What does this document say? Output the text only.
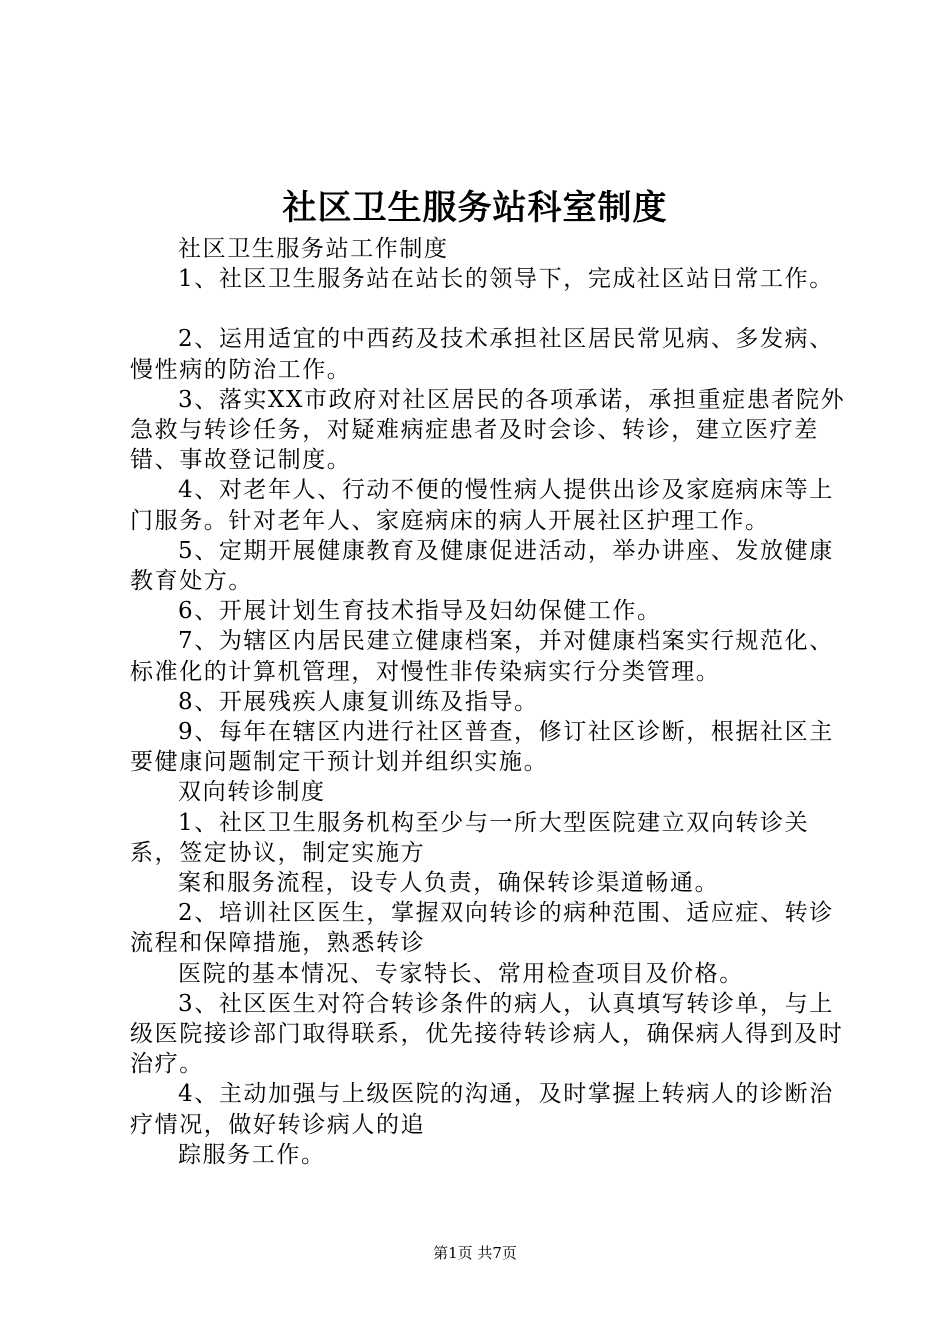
社区卫生服务站科室制度

社区卫生服务站工作制度

1、社区卫生服务站在站长的领导下，完成社区站日常工作。

2、运用适宜的中西药及技术承担社区居民常见病、多发病、慢性病的防治工作。

3、落实XX市政府对社区居民的各项承诺，承担重症患者院外急救与转诊任务，对疑难病症患者及时会诊、转诊，建立医疗差错、事故登记制度。

4、对老年人、行动不便的慢性病人提供出诊及家庭病床等上门服务。针对老年人、家庭病床的病人开展社区护理工作。

5、定期开展健康教育及健康促进活动，举办讲座、发放健康教育处方。

6、开展计划生育技术指导及妇幼保健工作。

7、为辖区内居民建立健康档案，并对健康档案实行规范化、标准化的计算机管理，对慢性非传染病实行分类管理。

8、开展残疾人康复训练及指导。

9、每年在辖区内进行社区普查，修订社区诊断，根据社区主要健康问题制定干预计划并组织实施。

双向转诊制度

1、社区卫生服务机构至少与一所大型医院建立双向转诊关系，签定协议，制定实施方

案和服务流程，设专人负责，确保转诊渠道畅通。

2、培训社区医生，掌握双向转诊的病种范围、适应症、转诊流程和保障措施，熟悉转诊

医院的基本情况、专家特长、常用检查项目及价格。

3、社区医生对符合转诊条件的病人，认真填写转诊单，与上级医院接诊部门取得联系，优先接待转诊病人，确保病人得到及时治疗。

4、主动加强与上级医院的沟通，及时掌握上转病人的诊断治疗情况，做好转诊病人的追

踪服务工作。

第1页 共7页
